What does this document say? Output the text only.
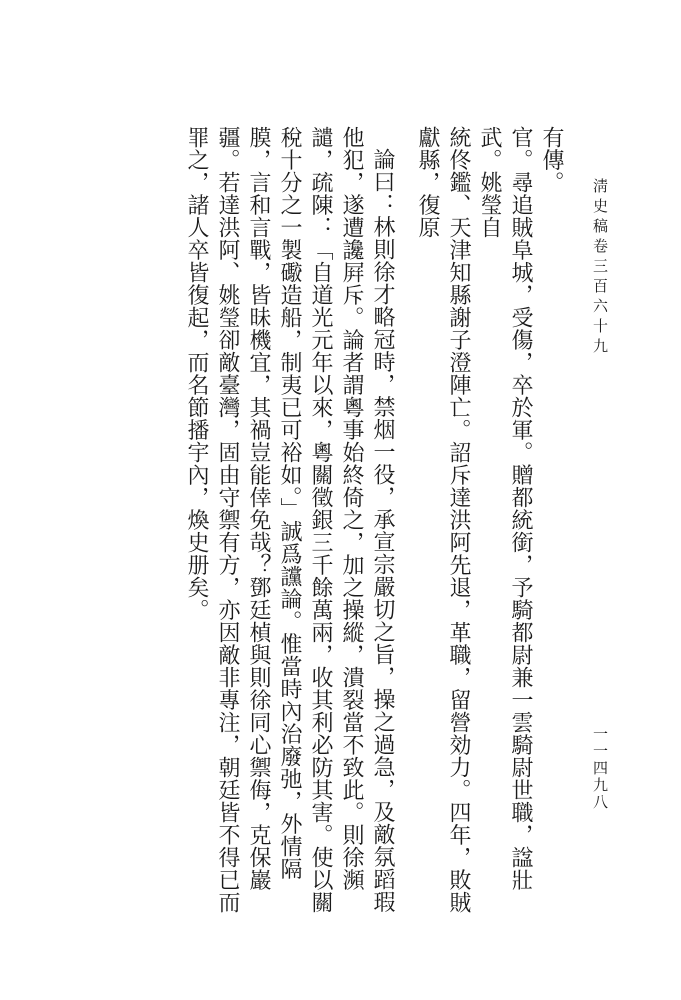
淸史稿卷三百六十九
一一四九八
有傳。
官。尋追賊阜城，受傷，卒於軍。贈都統銜，予騎都尉兼一雲騎尉世職，諡壯武。姚瑩自
統佟鑑、天津知縣謝子澄陣亡。詔斥達洪阿先退，革職，留營効力。四年，敗賊獻縣，復原
論曰：林則徐才略冠時，禁烟一役，承宣宗嚴切之旨，操之過急，及敵氛蹈瑕他犯，遂遭讒屛斥。論者謂粵事始終倚之，加之操縱，潰裂當不致此。則徐瀕譴，疏陳：「自道光元年以來，粵關徵銀三千餘萬兩，收其利必防其害。使以關稅十分之一製礮造船，制夷已可裕如。」誠爲讜論。惟當時內治廢弛，外情隔膜，言和言戰，皆昧機宜，其禍豈能倖免哉？鄧廷楨與則徐同心禦侮，克保巖疆。若達洪阿、姚瑩卻敵臺灣，固由守禦有方，亦因敵非專注，朝廷皆不得已而罪之，諸人卒皆復起，而名節播宇內，煥史册矣。
